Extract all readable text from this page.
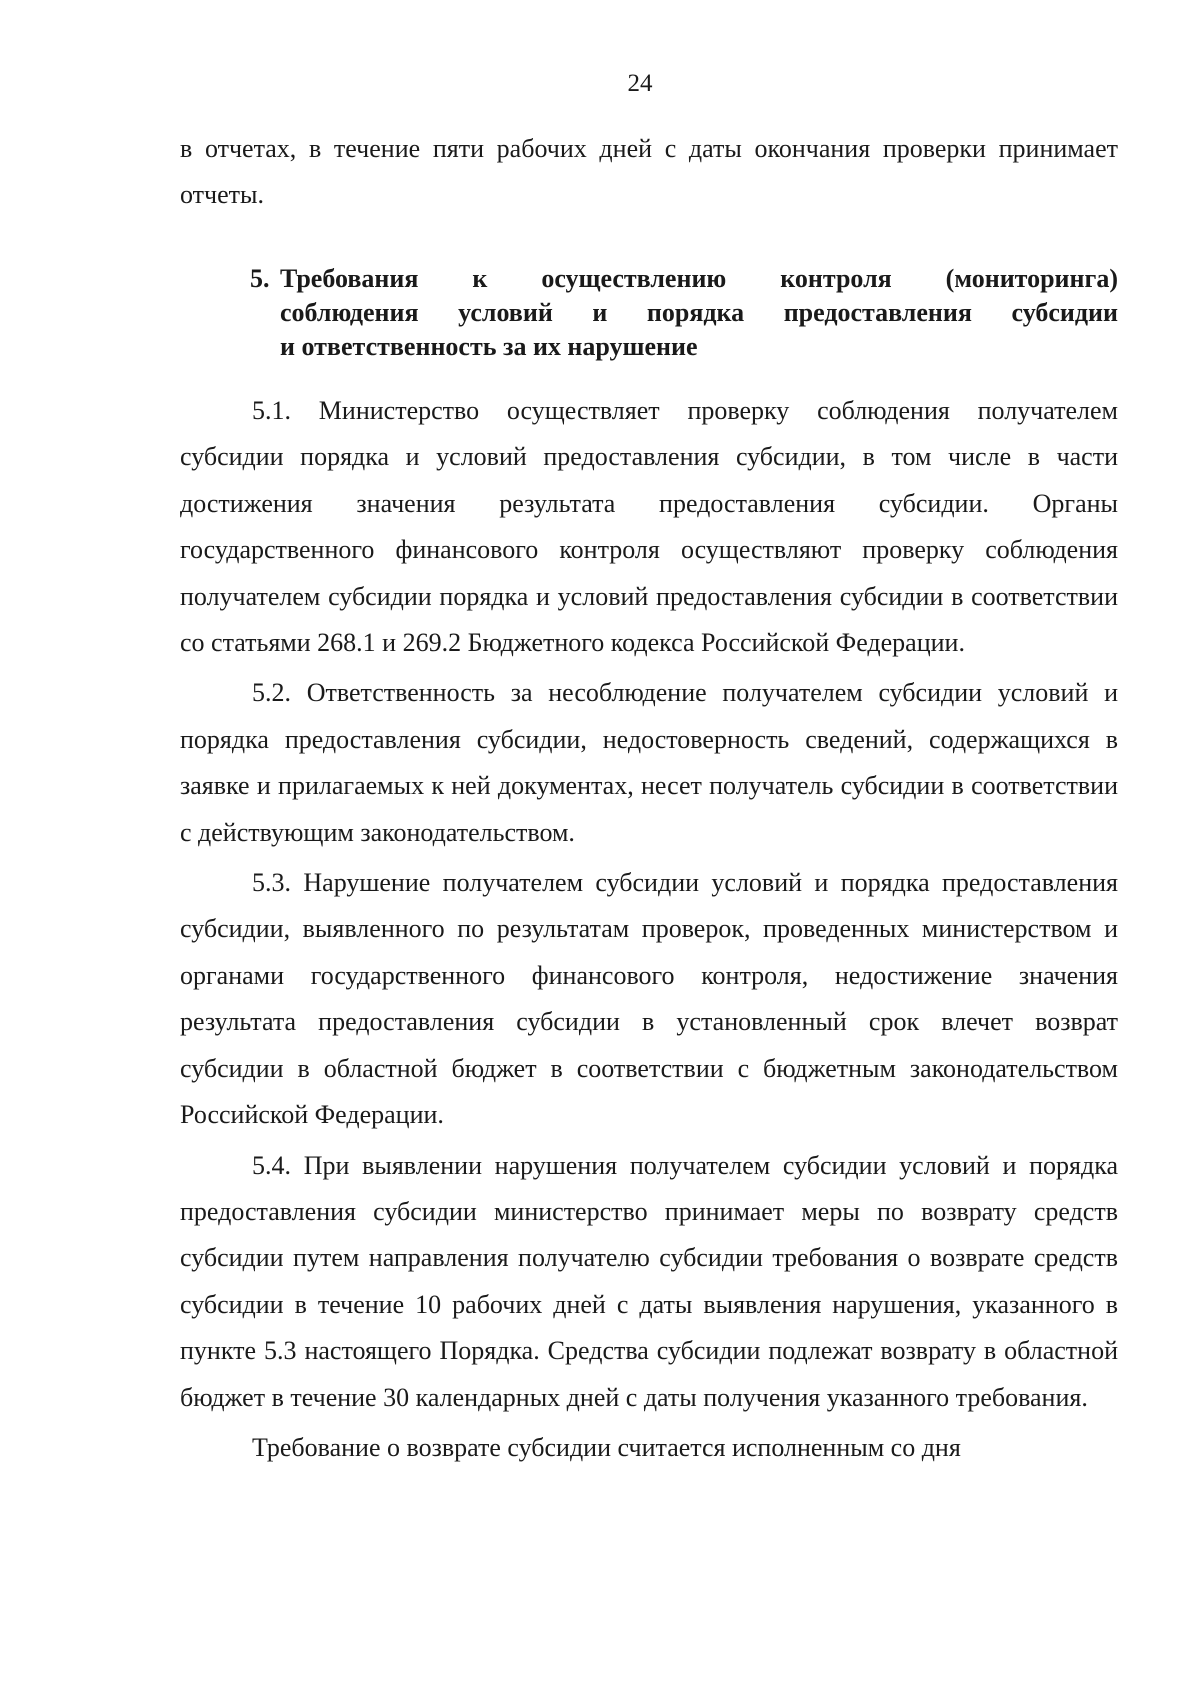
24

в отчетах, в течение пяти рабочих дней с даты окончания проверки принимает отчеты.

5. Требования к осуществлению контроля (мониторинга)
соблюдения условий и порядка предоставления субсидии
и ответственность за их нарушение

5.1. Министерство осуществляет проверку соблюдения получателем субсидии порядка и условий предоставления субсидии, в том числе в части достижения значения результата предоставления субсидии. Органы государственного финансового контроля осуществляют проверку соблюдения получателем субсидии порядка и условий предоставления субсидии в соответствии со статьями 268.1 и 269.2 Бюджетного кодекса Российской Федерации.

5.2. Ответственность за несоблюдение получателем субсидии условий и порядка предоставления субсидии, недостоверность сведений, содержащихся в заявке и прилагаемых к ней документах, несет получатель субсидии в соответствии с действующим законодательством.

5.3. Нарушение получателем субсидии условий и порядка предоставления субсидии, выявленного по результатам проверок, проведенных министерством и органами государственного финансового контроля, недостижение значения результата предоставления субсидии в установленный срок влечет возврат субсидии в областной бюджет в соответствии с бюджетным законодательством Российской Федерации.

5.4. При выявлении нарушения получателем субсидии условий и порядка предоставления субсидии министерство принимает меры по возврату средств субсидии путем направления получателю субсидии требования о возврате средств субсидии в течение 10 рабочих дней с даты выявления нарушения, указанного в пункте 5.3 настоящего Порядка. Средства субсидии подлежат возврату в областной бюджет в течение 30 календарных дней с даты получения указанного требования.

Требование о возврате субсидии считается исполненным со дня
